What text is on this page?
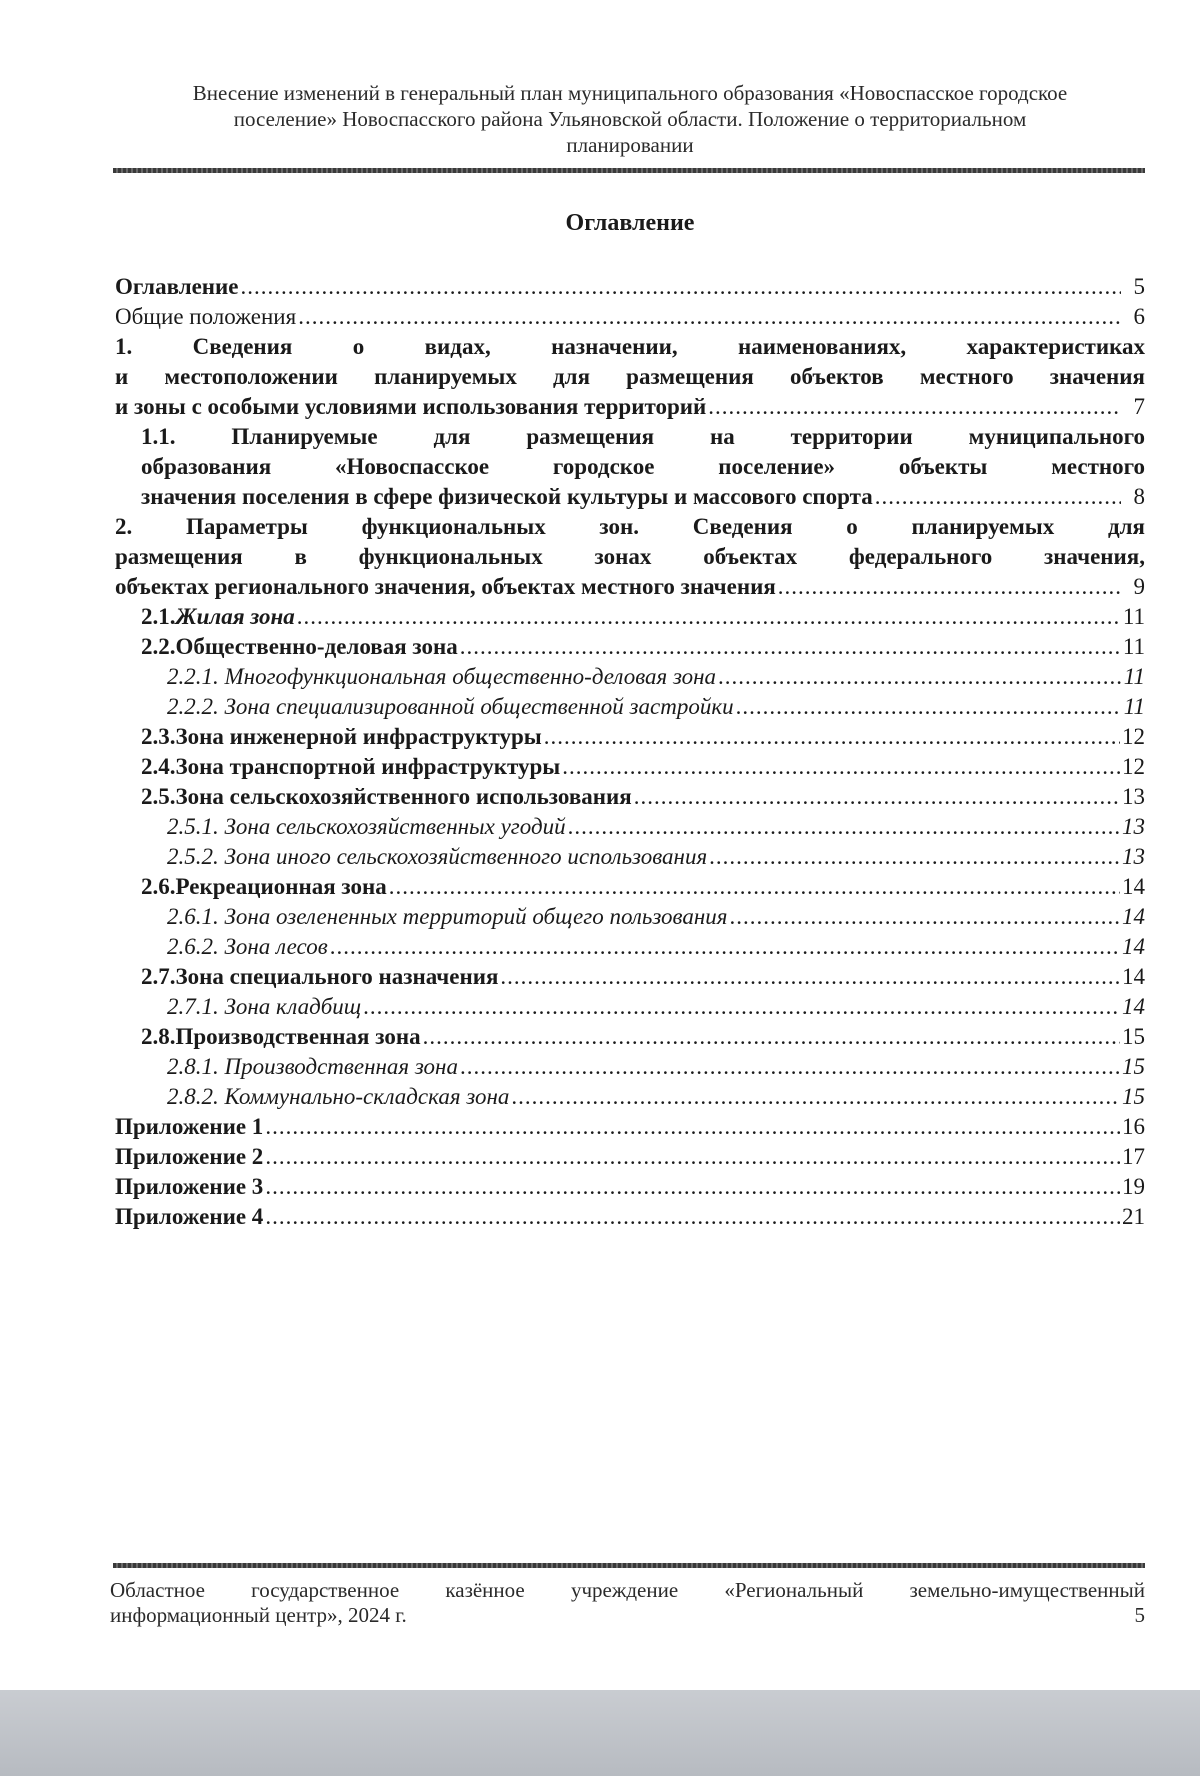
Внесение изменений в генеральный план муниципального образования «Новоспасское городское
поселение» Новоспасского района Ульяновской области. Положение о территориальном
планировании
Оглавление
Оглавление .....	5
Общие положения .....	6
1. Сведения о видах, назначении, наименованиях, характеристиках
и местоположении планируемых для размещения объектов местного значения
и зоны с особыми условиями использования территорий .....	7
1.1. Планируемые для размещения на территории муниципального
образования «Новоспасское городское поселение» объекты местного
значения поселения в сфере физической культуры и массового спорта .....	8
2. Параметры функциональных зон. Сведения о планируемых для
размещения в функциональных зонах объектах федерального значения,
объектах регионального значения, объектах местного значения .....	9
2.1. Жилая зона .....	11
2.2. Общественно-деловая зона .....	11
2.2.1. Многофункциональная общественно-деловая зона .....	11
2.2.2. Зона специализированной общественной застройки .....	11
2.3. Зона инженерной инфраструктуры .....	12
2.4. Зона транспортной инфраструктуры .....	12
2.5. Зона сельскохозяйственного использования .....	13
2.5.1. Зона сельскохозяйственных угодий .....	13
2.5.2. Зона иного сельскохозяйственного использования .....	13
2.6. Рекреационная зона .....	14
2.6.1. Зона озелененных территорий общего пользования .....	14
2.6.2. Зона лесов .....	14
2.7. Зона специального назначения .....	14
2.7.1. Зона кладбищ .....	14
2.8. Производственная зона .....	15
2.8.1. Производственная зона .....	15
2.8.2. Коммунально-складская зона .....	15
Приложение 1 .....	16
Приложение 2 .....	17
Приложение 3 .....	19
Приложение 4 .....	21
Областное государственное казённое учреждение «Региональный земельно-имущественный
информационный центр», 2024 г.	5
